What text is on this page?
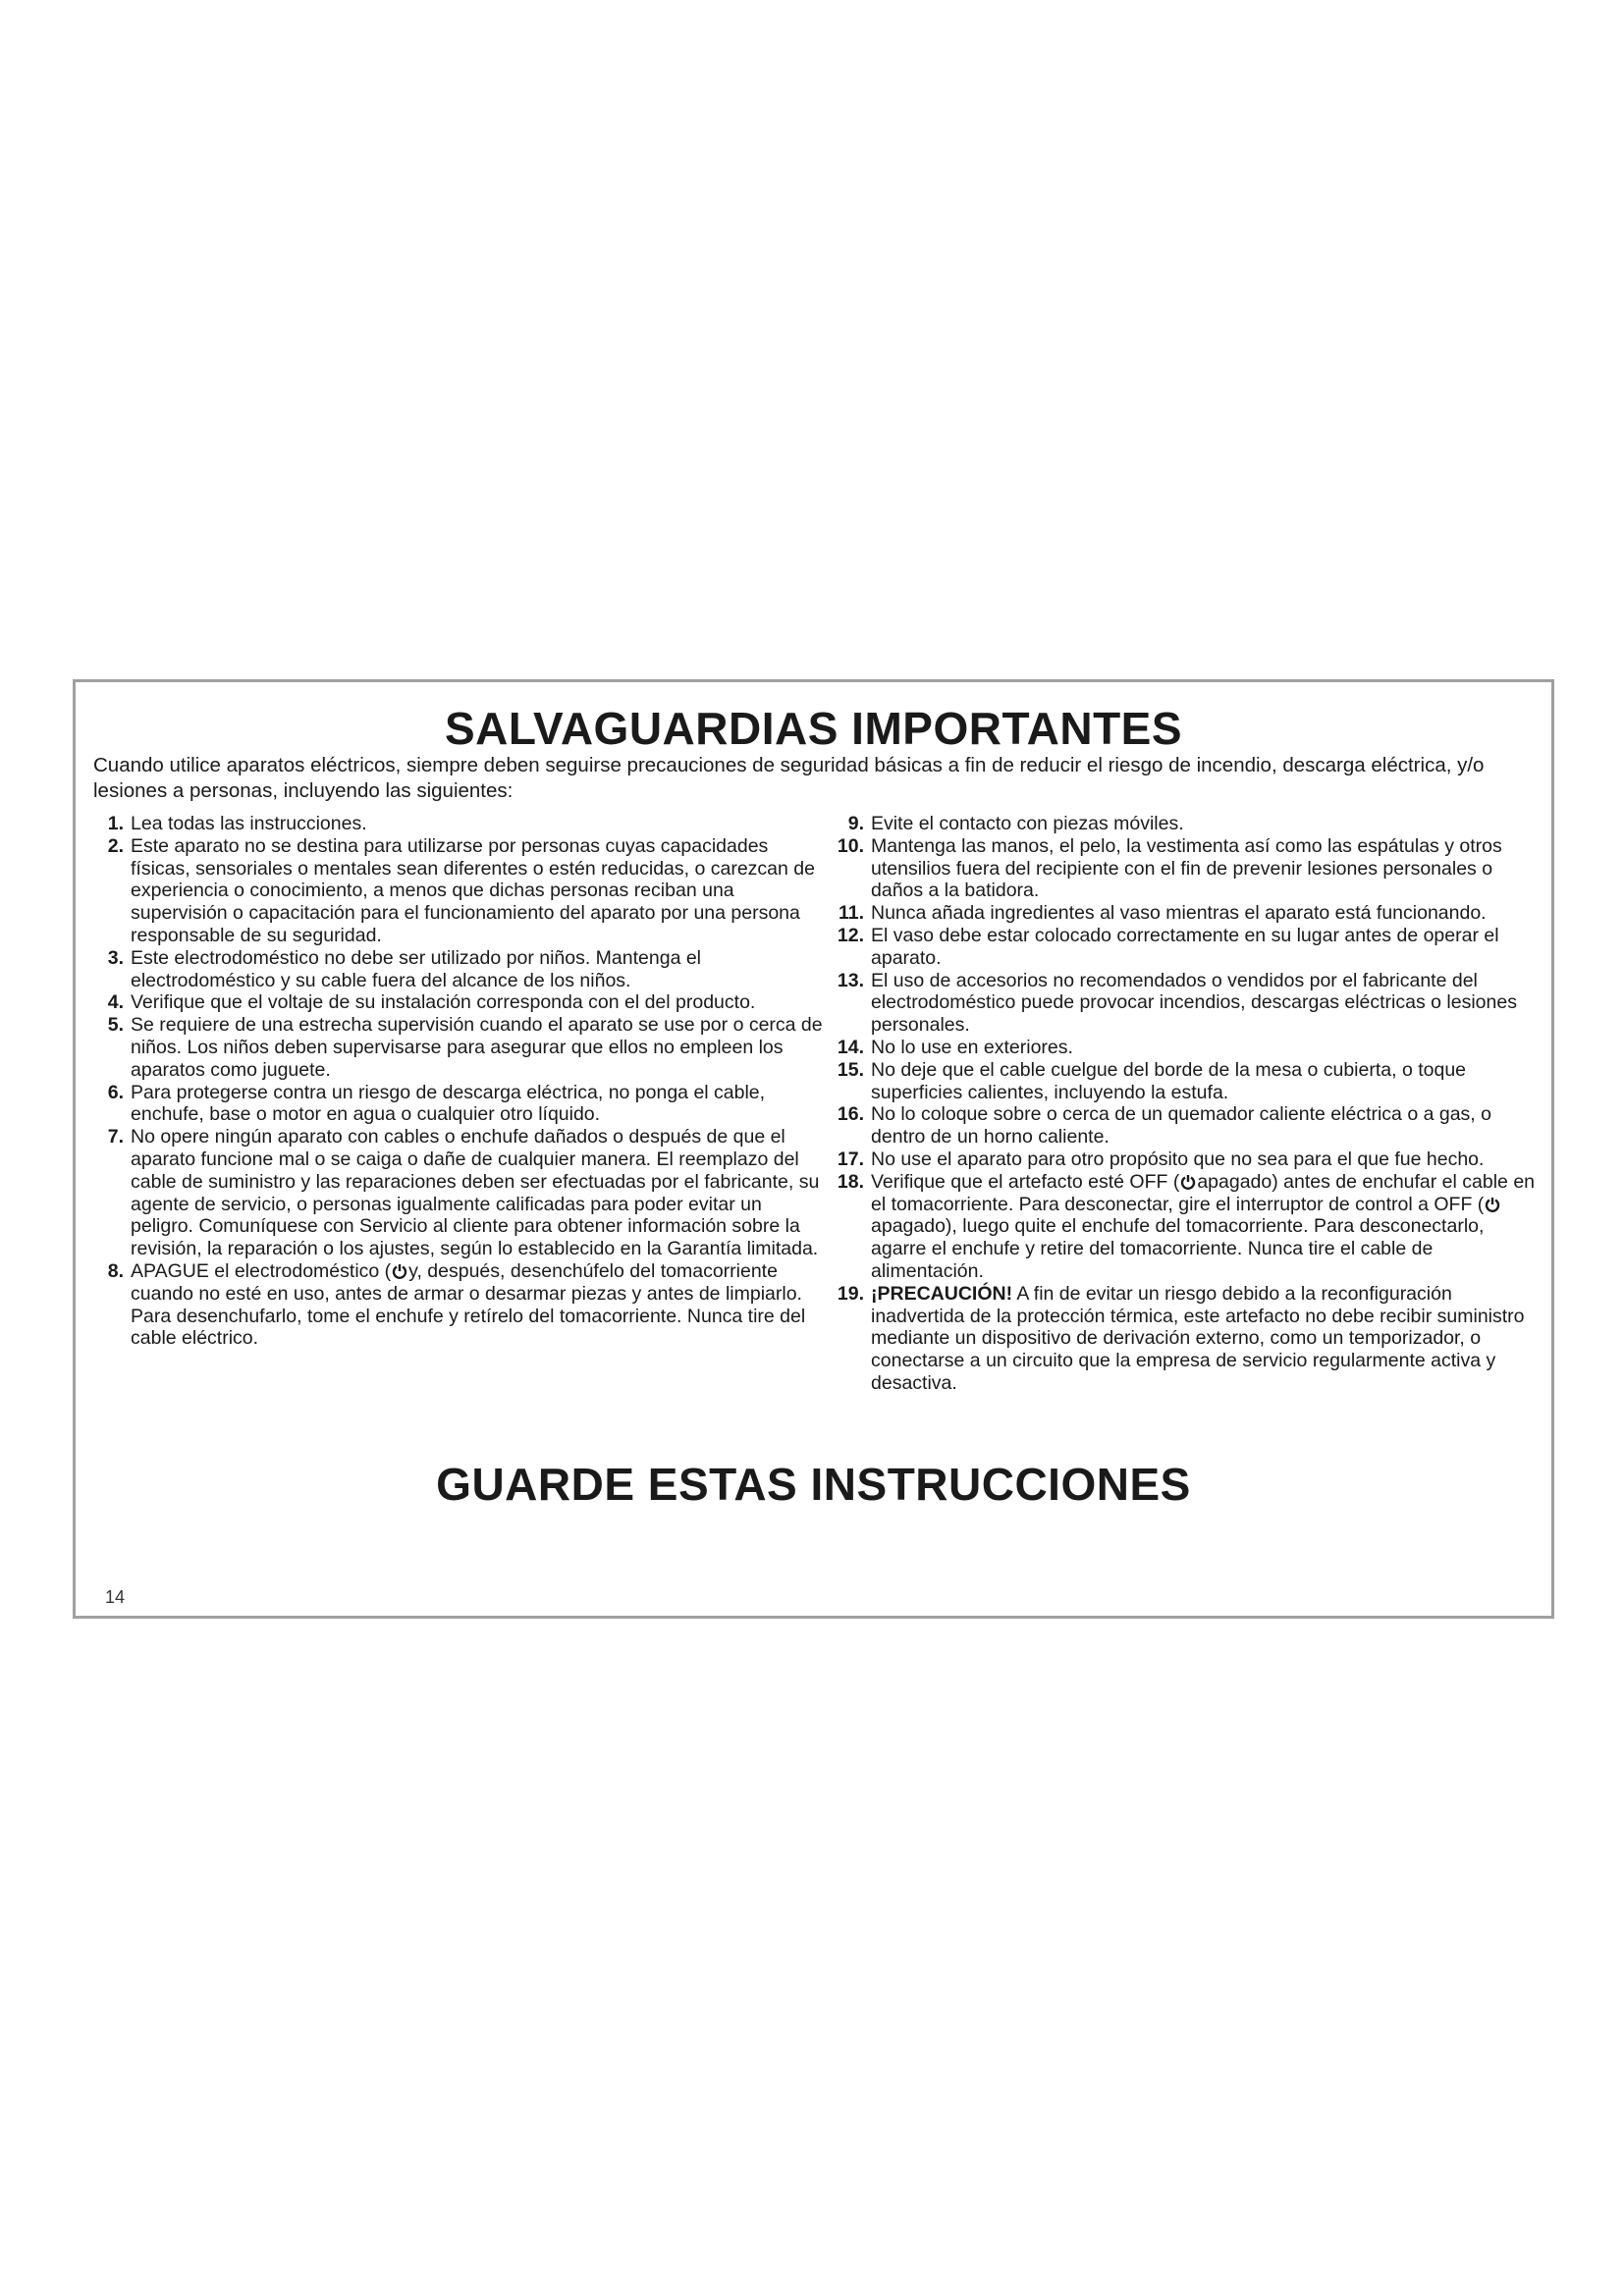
SALVAGUARDIAS IMPORTANTES

Cuando utilice aparatos eléctricos, siempre deben seguirse precauciones de seguridad básicas a fin de reducir el riesgo de incendio, descarga eléctrica, y/o lesiones a personas, incluyendo las siguientes:

1. Lea todas las instrucciones.
2. Este aparato no se destina para utilizarse por personas cuyas capacidades físicas, sensoriales o mentales sean diferentes o estén reducidas, o carezcan de experiencia o conocimiento, a menos que dichas personas reciban una supervisión o capacitación para el funcionamiento del aparato por una persona responsable de su seguridad.
3. Este electrodoméstico no debe ser utilizado por niños. Mantenga el electrodoméstico y su cable fuera del alcance de los niños.
4. Verifique que el voltaje de su instalación corresponda con el del producto.
5. Se requiere de una estrecha supervisión cuando el aparato se use por o cerca de niños. Los niños deben supervisarse para asegurar que ellos no empleen los aparatos como juguete.
6. Para protegerse contra un riesgo de descarga eléctrica, no ponga el cable, enchufe, base o motor en agua o cualquier otro líquido.
7. No opere ningún aparato con cables o enchufe dañados o después de que el aparato funcione mal o se caiga o dañe de cualquier manera. El reemplazo del cable de suministro y las reparaciones deben ser efectuadas por el fabricante, su agente de servicio, o personas igualmente calificadas para poder evitar un peligro. Comuníquese con Servicio al cliente para obtener información sobre la revisión, la reparación o los ajustes, según lo establecido en la Garantía limitada.
8. APAGUE el electrodoméstico ( y, después, desenchúfelo del tomacorriente cuando no esté en uso, antes de armar o desarmar piezas y antes de limpiarlo. Para desenchufarlo, tome el enchufe y retírelo del tomacorriente. Nunca tire del cable eléctrico.
9. Evite el contacto con piezas móviles.
10. Mantenga las manos, el pelo, la vestimenta así como las espátulas y otros utensilios fuera del recipiente con el fin de prevenir lesiones personales o daños a la batidora.
11. Nunca añada ingredientes al vaso mientras el aparato está funcionando.
12. El vaso debe estar colocado correctamente en su lugar antes de operar el aparato.
13. El uso de accesorios no recomendados o vendidos por el fabricante del electrodoméstico puede provocar incendios, descargas eléctricas o lesiones personales.
14. No lo use en exteriores.
15. No deje que el cable cuelgue del borde de la mesa o cubierta, o toque superficies calientes, incluyendo la estufa.
16. No lo coloque sobre o cerca de un quemador caliente eléctrica o a gas, o dentro de un horno caliente.
17. No use el aparato para otro propósito que no sea para el que fue hecho.
18. Verifique que el artefacto esté OFF ( apagado) antes de enchufar el cable en el tomacorriente. Para desconectar, gire el interruptor de control a OFF (apagado), luego quite el enchufe del tomacorriente. Para desconectarlo, agarre el enchufe y retire del tomacorriente. Nunca tire el cable de alimentación.
19. ¡PRECAUCIÓN! A fin de evitar un riesgo debido a la reconfiguración inadvertida de la protección térmica, este artefacto no debe recibir suministro mediante un dispositivo de derivación externo, como un temporizador, o conectarse a un circuito que la empresa de servicio regularmente activa y desactiva.
GUARDE ESTAS INSTRUCCIONES
14
